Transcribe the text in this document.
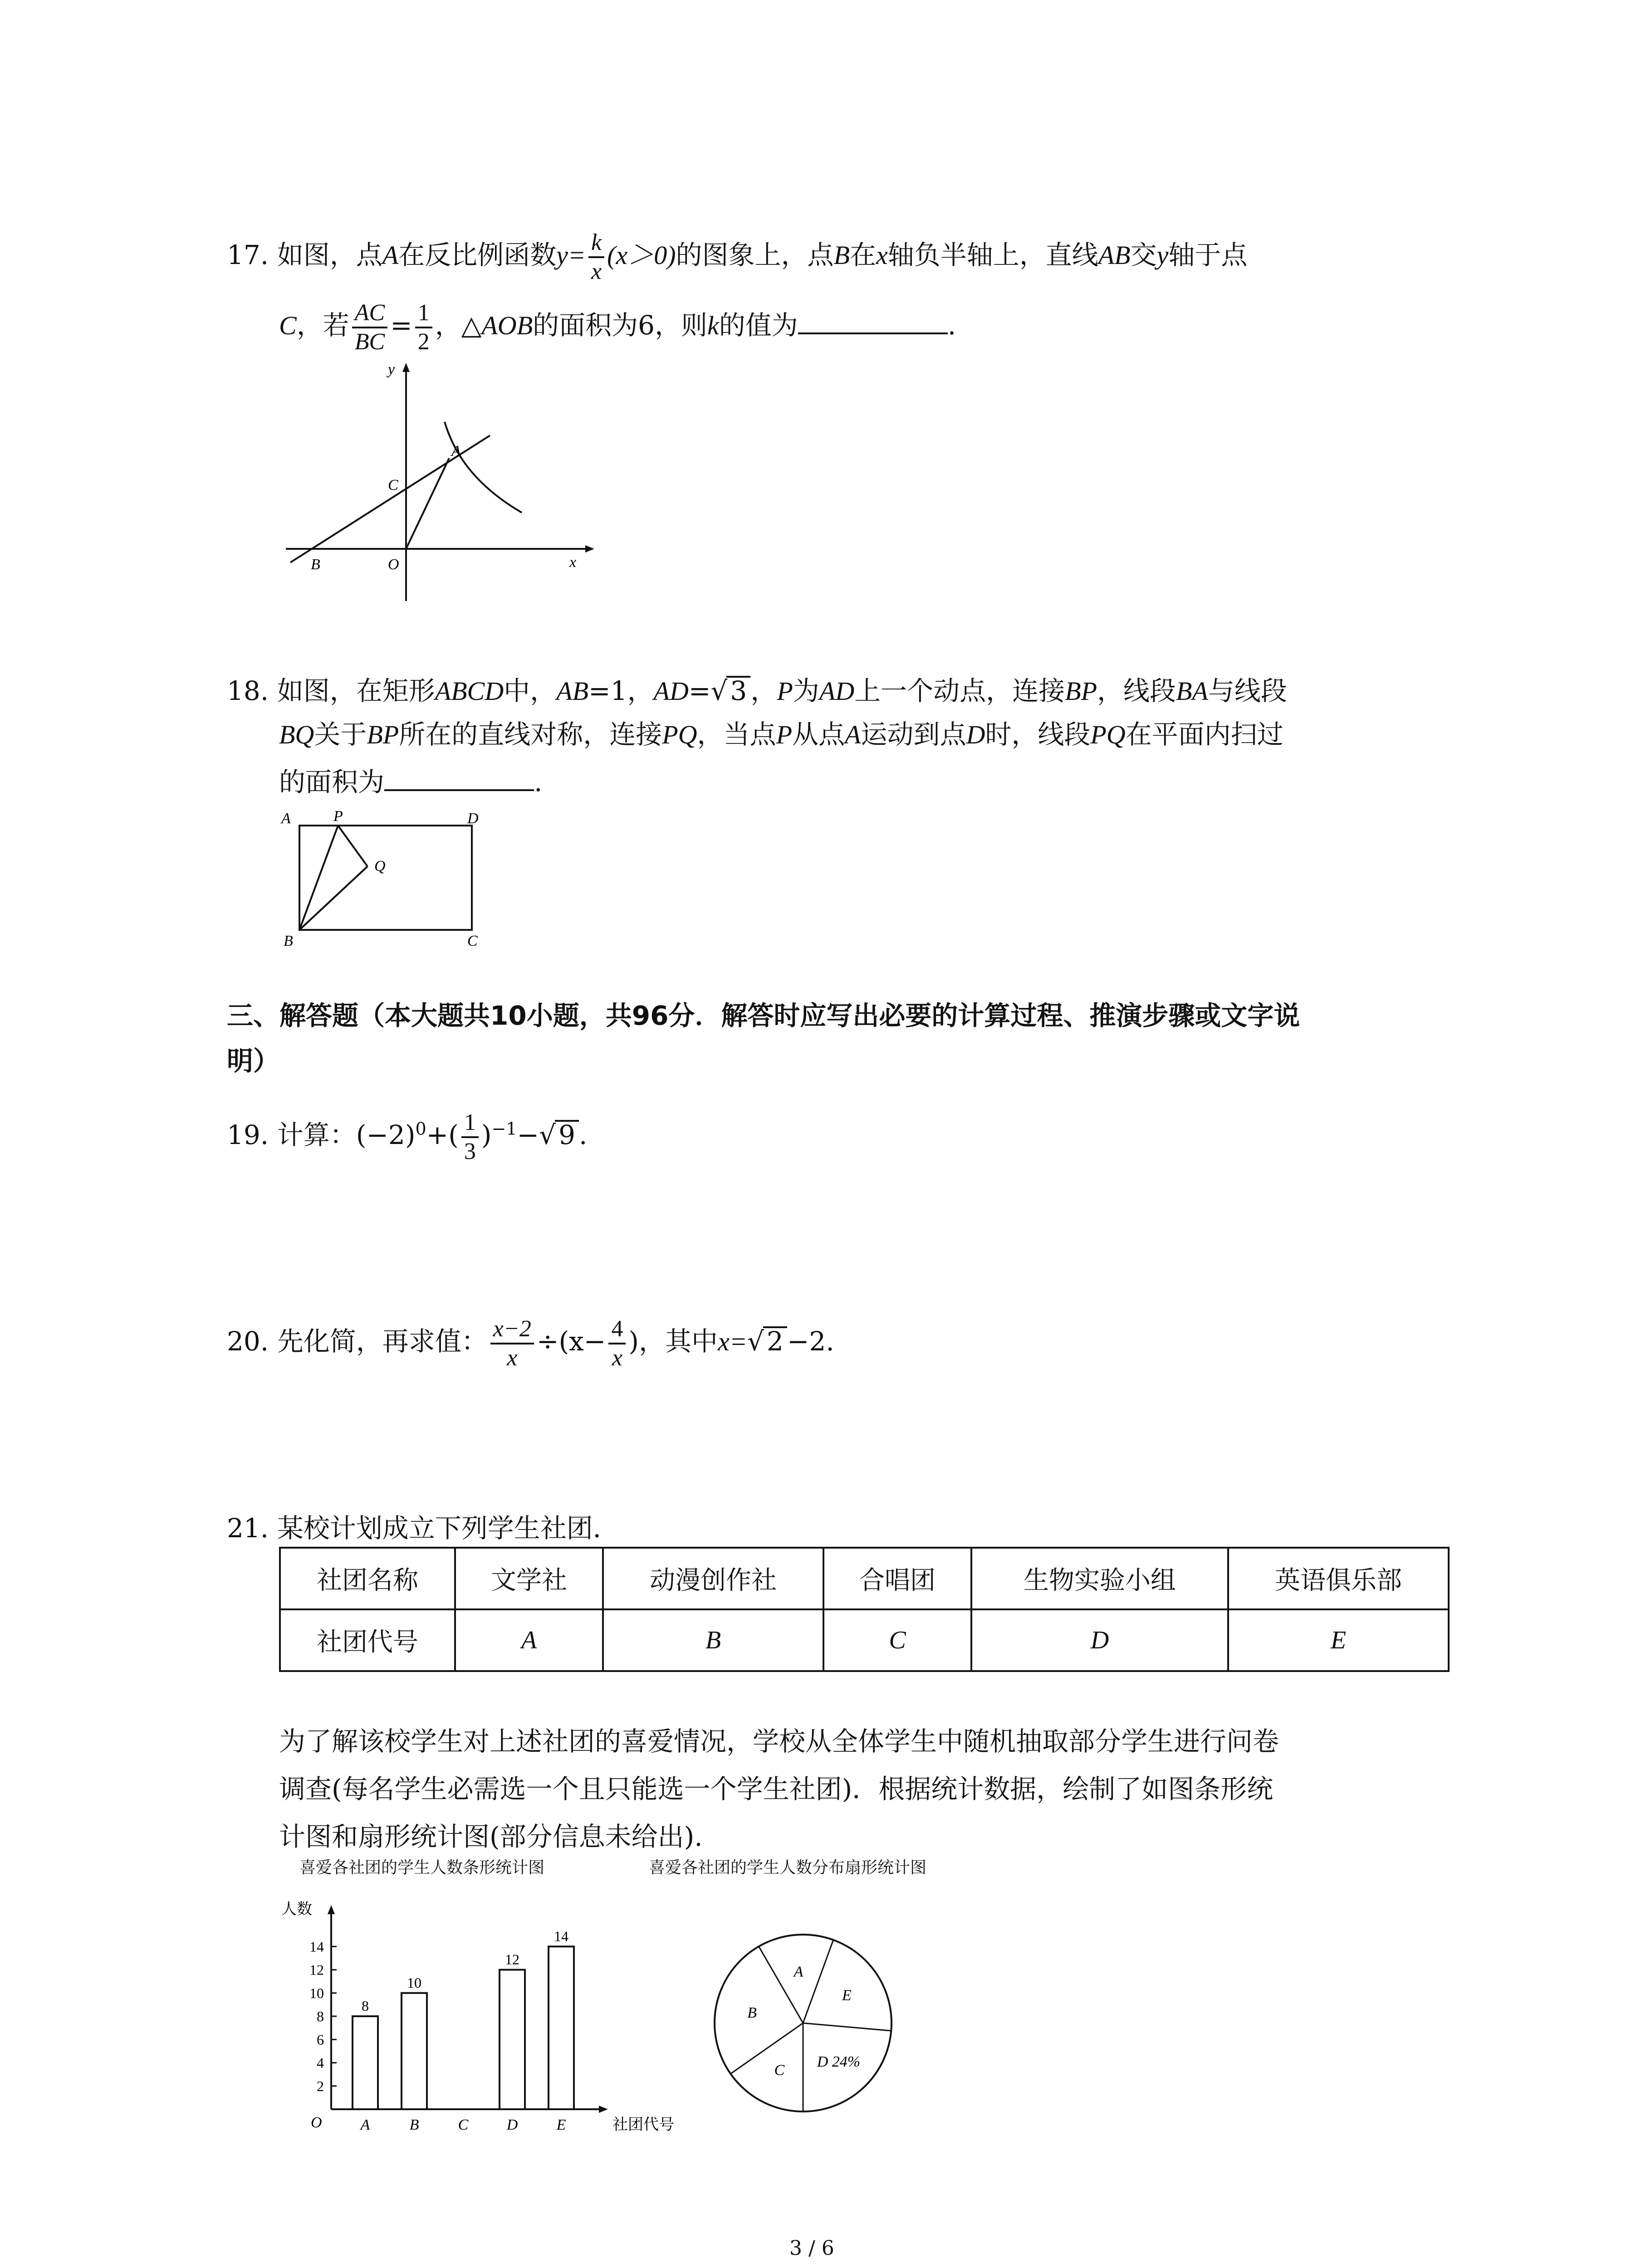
17. 如图，点A在反比例函数$y= \frac{k}{x} (x>0)$的图象上，点B在x轴负半轴上，直线AB交y轴于点
C，若 $\frac{AC}{BC} = \frac{1}{2}$ ，△AOB的面积为6，则k的值为	.
y
x
A
C
B	O
18. 如图，在矩形ABCD中，AB=1，AD=√ 3 ，P为AD上一个动点，连接BP，线段BA与线段
BQ关于BP所在的直线对称，连接PQ，当点P从点A运动到点D时，线段PQ在平面内扫过
的面积为	.
A	P	D
Q
B	C
三、解答题（本大题共10小题，共96分．解答时应写出必要的计算过程、推演步骤或文字说
明）
19. 计算：$(-2)^0+( \frac{1}{3} )^{-1}-√$ 9 .
20. 先化简，再求值： $\frac{x-2}{x} \div(x- \frac{4}{x}$ )，其中x=√ 2 −2.
21. 某校计划成立下列学生社团．
社团名称	文学社	动漫创作社	合唱团	生物实验小组	英语俱乐部
社团代号	A	B	C	D	E
为了解该校学生对上述社团的喜爱情况，学校从全体学生中随机抽取部分学生进行问卷
调查(每名学生必需选一个且只能选一个学生社团)．根据统计数据，绘制了如图条形统
计图和扇形统计图(部分信息未给出).
喜爱各社团的学生人数条形统计图	喜爱各社团的学生人数分布扇形统计图
人数
社团代号
O
2
4
6
8
10
12
14
A
8
B
10
C D
12
E
14
A
E
D 24%
C
B
3 / 6
